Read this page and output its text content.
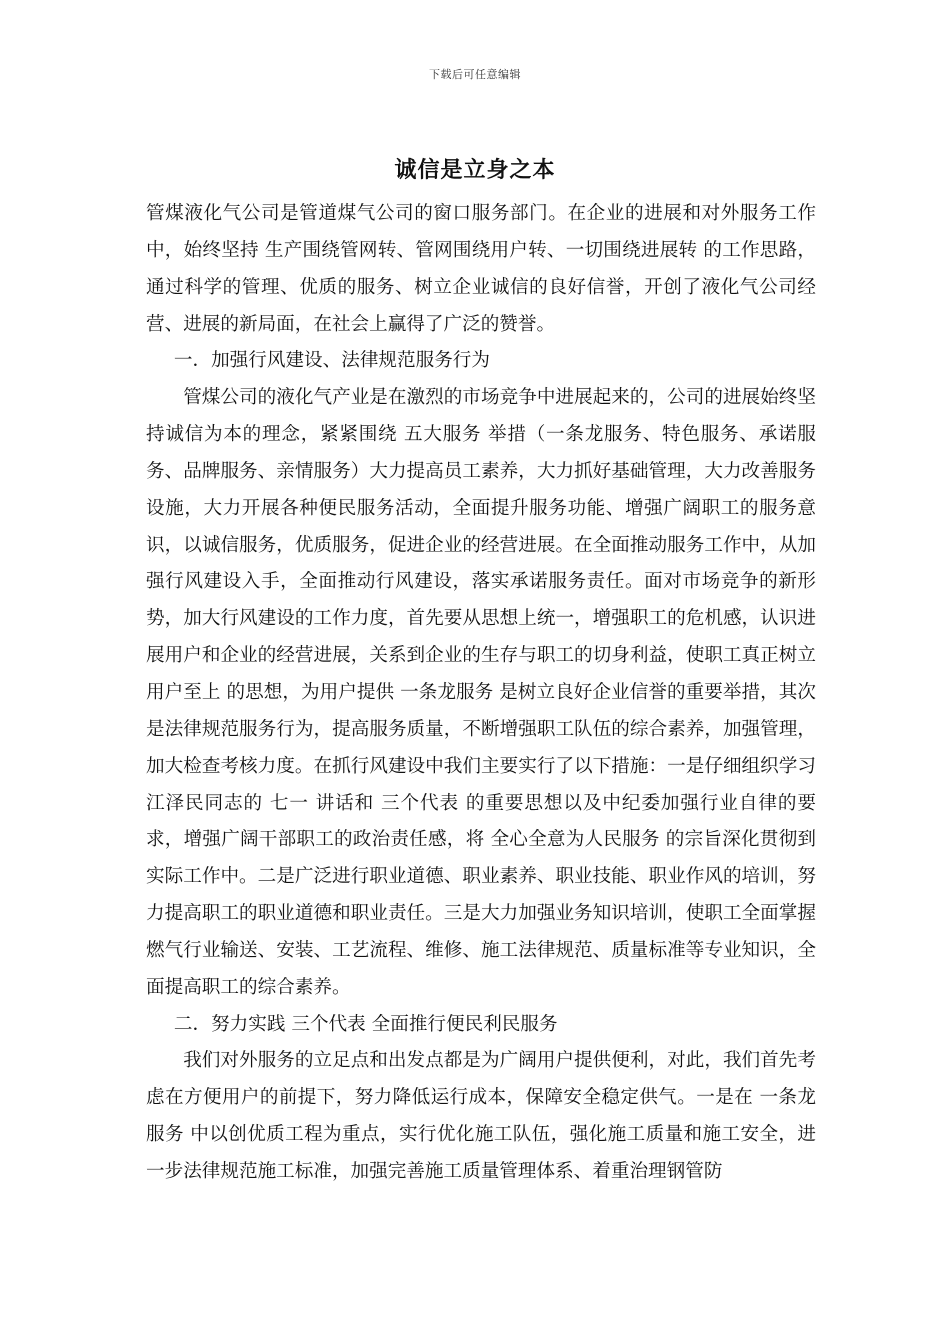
下载后可任意编辑
诚信是立身之本

管煤液化气公司是管道煤气公司的窗口服务部门。在企业的进展和对外服务工作中，始终坚持 生产围绕管网转、管网围绕用户转、一切围绕进展转 的工作思路，通过科学的管理、优质的服务、树立企业诚信的良好信誉，开创了液化气公司经营、进展的新局面，在社会上赢得了广泛的赞誉。

一．加强行风建设、法律规范服务行为

管煤公司的液化气产业是在激烈的市场竞争中进展起来的，公司的进展始终坚持诚信为本的理念，紧紧围绕 五大服务 举措（一条龙服务、特色服务、承诺服务、品牌服务、亲情服务）大力提高员工素养，大力抓好基础管理，大力改善服务设施，大力开展各种便民服务活动，全面提升服务功能、增强广阔职工的服务意识，以诚信服务，优质服务，促进企业的经营进展。在全面推动服务工作中，从加强行风建设入手，全面推动行风建设，落实承诺服务责任。面对市场竞争的新形势，加大行风建设的工作力度，首先要从思想上统一，增强职工的危机感，认识进展用户和企业的经营进展，关系到企业的生存与职工的切身利益，使职工真正树立 用户至上 的思想，为用户提供 一条龙服务 是树立良好企业信誉的重要举措，其次是法律规范服务行为，提高服务质量，不断增强职工队伍的综合素养，加强管理，加大检查考核力度。在抓行风建设中我们主要实行了以下措施：一是仔细组织学习江泽民同志的 七一 讲话和 三个代表 的重要思想以及中纪委加强行业自律的要求，增强广阔干部职工的政治责任感，将 全心全意为人民服务 的宗旨深化贯彻到实际工作中。二是广泛进行职业道德、职业素养、职业技能、职业作风的培训，努力提高职工的职业道德和职业责任。三是大力加强业务知识培训，使职工全面掌握燃气行业输送、安装、工艺流程、维修、施工法律规范、质量标准等专业知识，全面提高职工的综合素养。

二．努力实践 三个代表 全面推行便民利民服务

我们对外服务的立足点和出发点都是为广阔用户提供便利，对此，我们首先考虑在方便用户的前提下，努力降低运行成本，保障安全稳定供气。一是在 一条龙服务 中以创优质工程为重点，实行优化施工队伍，强化施工质量和施工安全，进一步法律规范施工标准，加强完善施工质量管理体系、着重治理钢管防
